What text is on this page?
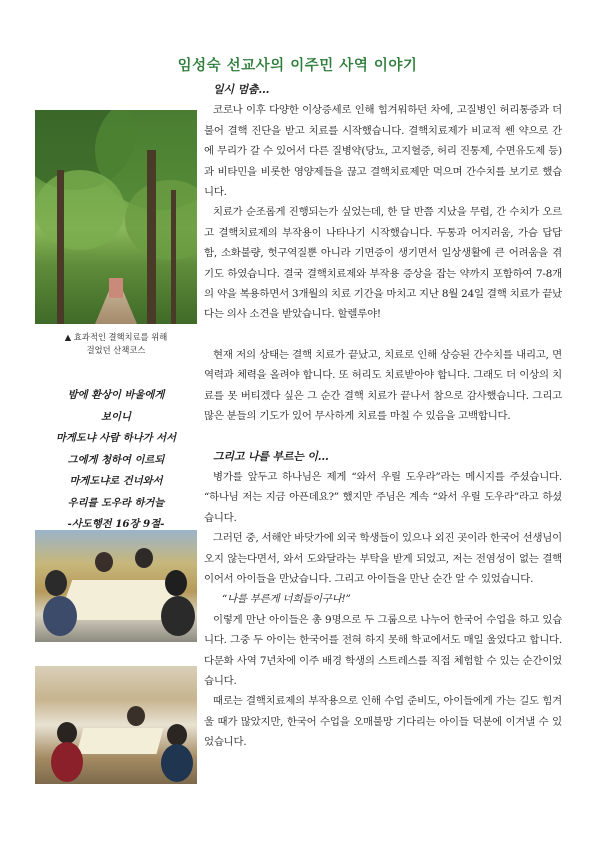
임성숙 선교사의 이주민 사역 이야기

▲ 효과적인 결핵치료를 위해
걸었던 산책코스

밤에 환상이 바울에게
보이니
마게도냐 사람 하나가 서서
그에게 청하여 이르되
마게도냐로 건너와서
우리를 도우라 하거늘
-사도행전 16장 9절-
일시 멈춤...

코로나 이후 다양한 이상증세로 인해 힘겨워하던 차에, 고질병인 허리통증과 더불어 결핵 진단을 받고 치료를 시작했습니다. 결핵치료제가 비교적 쎈 약으로 간에 무리가 갈 수 있어서 다른 질병약(당뇨, 고지혈증, 허리 진통제, 수면유도제 등)과 비타민을 비롯한 영양제들을 끊고 결핵치료제만 먹으며 간수치를 보기로 했습니다.

치료가 순조롭게 진행되는가 싶었는데, 한 달 반쯤 지났을 무렵, 간 수치가 오르고 결핵치료제의 부작용이 나타나기 시작했습니다. 두통과 어지러움, 가슴 답답함, 소화불량, 헛구역질뿐 아니라 기면증이 생기면서 일상생활에 큰 어려움을 겪기도 하였습니다. 결국 결핵치료제와 부작용 증상을 잡는 약까지 포함하여 7-8개의 약을 복용하면서 3개월의 치료 기간을 마치고 지난 8월 24일 결핵 치료가 끝났다는 의사 소견을 받았습니다. 할렐루야!

현재 저의 상태는 결핵 치료가 끝났고, 치료로 인해 상승된 간수치를 내리고, 면역력과 체력을 올려야 합니다. 또 허리도 치료받아야 합니다. 그래도 더 이상의 치료를 못 버티겠다 싶은 그 순간 결핵 치료가 끝나서 참으로 감사했습니다. 그리고 많은 분들의 기도가 있어 무사하게 치료를 마칠 수 있음을 고백합니다.

그리고 나를 부르는 이...

병가를 앞두고 하나님은 제게 “와서 우릴 도우라”라는 메시지를 주셨습니다. “하나님 저는 지금 아픈데요?” 했지만 주님은 계속 “와서 우릴 도우라”라고 하셨습니다.

그러던 중, 서해안 바닷가에 외국 학생들이 있으나 외진 곳이라 한국어 선생님이 오지 않는다면서, 와서 도와달라는 부탁을 받게 되었고, 저는 전염성이 없는 결핵이어서 아이들을 만났습니다. 그리고 아이들을 만난 순간 알 수 있었습니다.

“나를 부른게 너희들이구나!”

이렇게 만난 아이들은 총 9명으로 두 그룹으로 나누어 한국어 수업을 하고 있습니다. 그중 두 아이는 한국어를 전혀 하지 못해 학교에서도 매일 울었다고 합니다. 다문화 사역 7년차에 이주 배경 학생의 스트레스를 직접 체험할 수 있는 순간이었습니다.

때로는 결핵치료제의 부작용으로 인해 수업 준비도, 아이들에게 가는 길도 힘겨울 때가 많았지만, 한국어 수업을 오매불망 기다리는 아이들 덕분에 이겨낼 수 있었습니다.
